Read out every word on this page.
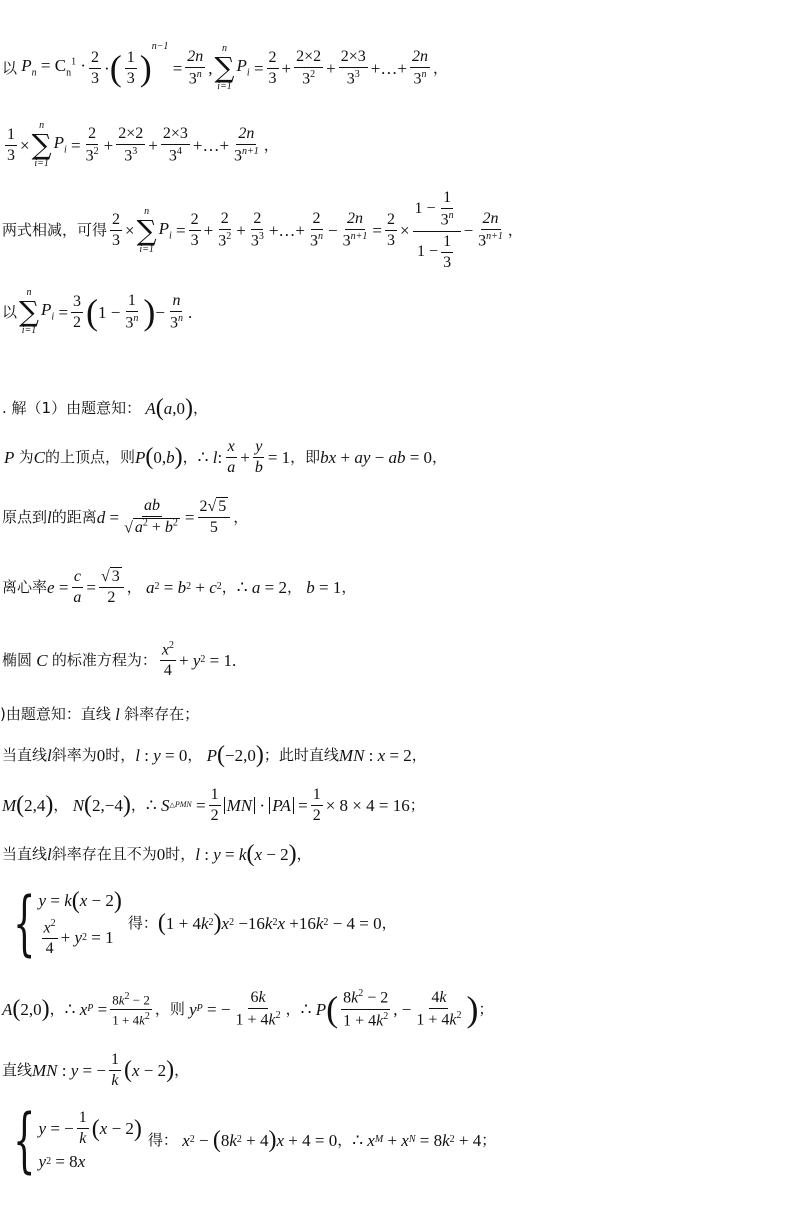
以 $P_n = C_n^1 \cdot \frac{2}{3}$ · ( $\frac{1}{3}$ )
$^{n-1}$
= $\frac{2n}{3^n}$ ,
n
∑
i=1
$P_i = \frac{2}{3} + \frac{2\times 2}{3^2} + \frac{2\times 3}{3^3}$ +…+ $\frac{2n}{3^n}$ ，
$\frac{1}{3}$ ×
n
∑
i=1
$P_i = \frac{2}{3^2} + \frac{2\times 2}{3^3} + \frac{2\times 3}{3^4}$ +…+ $\frac{2n}{3^{n+1}}$ ，
两式相减，可得 $\frac{2}{3}$ ×
n
∑
i=1
$P_i = \frac{2}{3} + \frac{2}{3^2} + \frac{2}{3^3}$ +…+ $\frac{2}{3^n} - \frac{2n}{3^{n+1}} = \frac{2}{3} \times \frac{1 - \frac{1}{3^n}}{1 - \frac{1}{3}} - \frac{2n}{3^{n+1}}$ ，
以
n
∑
i=1
$P_i = \frac{3}{2}$ ( $1 - \frac{1}{3^n}$ ) − $\frac{n}{3^n}$ .
. 解（1）由题意知： A ( a ,0 ) ，
P 为 C 的上顶点，则 P ( 0, b ) ， ∴ l : $\frac{x}{a} + \frac{y}{b} = 1$ ，即 bx + ay − ab = 0 ，
原点到 l 的距离 $d = \frac{ab}{√ a^2 + b^2} = \frac{2√ 5}{5}$ ，
离心率 $e = \frac{c}{a} = \frac{√ 3}{2}$ ， a 2 = b 2 + c 2 ， ∴ a = 2 ， b = 1 ，
椭圆 C 的标准方程为： $\frac{x^2}{4} + y$ 2 = 1.
)由题意知：直线 l 斜率存在；
当直线 l 斜率为 0 时， l : y = 0 ， P ( −2,0 ) ；此时直线 MN : x = 2 ，
M ( 2,4 ) ， N ( 2,−4 ) ， ∴ S △PMN = $\frac{1}{2}$ MN · PA = $\frac{1}{2} \times 8 \times 4 = 16$ ；
当直线 l 斜率存在且不为 0 时， l : y = k ( x − 2 ) ，
{ y = k ( x − 2 )
$\frac{x^2}{4} + y$ 2 = 1
得： ( 1 + 4 k 2 ) x 2 −16 k 2 x +16 k 2 − 4 = 0 ，
A ( 2,0 ) ， ∴ x $P = \frac{8k^2 - 2}{1 + 4k^2}$ ，则 y P = − $\frac{6k}{1 + 4k^2}$ ， ∴ P ( $\frac{8k^2 - 2}{1 + 4k^2}$ , − $\frac{4k}{1 + 4k^2}$ ) ；
直线 MN : y = − $\frac{1}{k}$ ( x − 2 ) ，
{ y = − $\frac{1}{k}$ ( x − 2 )
y 2 = 8 x
得： x 2 − ( 8 k 2 + 4 ) x + 4 = 0 ， ∴ x M + x N = 8 k 2 + 4 ；
